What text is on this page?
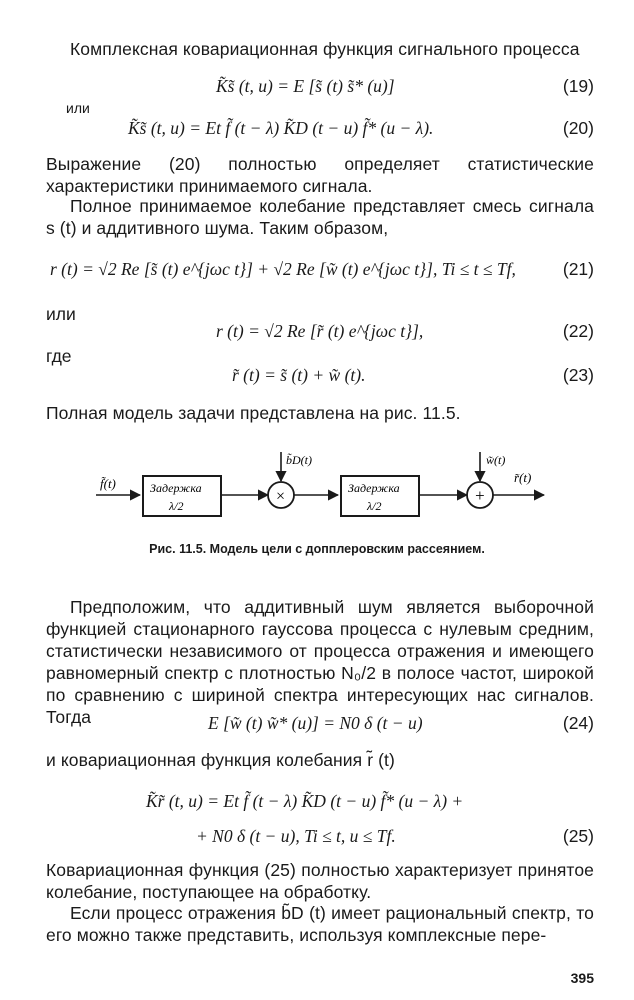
Комплексная ковариационная функция сигнального процесса
K͂s͂ (t, u) = E [s͂ (t) s͂* (u)]	(19)
или
K͂s͂ (t, u) = Et f͂ (t − λ) K͂D (t − u) f͂* (u − λ).	(20)
Выражение (20) полностью определяет статистические характеристики принимаемого сигнала.
Полное принимаемое колебание представляет смесь сигнала s (t) и аддитивного шума. Таким образом,
r (t) = √2 Re [s͂ (t) e^{jωc t}] + √2 Re [w͂ (t) e^{jωc t}], Ti ≤ t ≤ Tf,	(21)
или
r (t) = √2 Re [r͂ (t) e^{jωc t}],	(22)
где
r͂ (t) = s͂ (t) + w͂ (t).	(23)
Полная модель задачи представлена на рис. 11.5.
f͂(t)	Задержка
λ/2
×
b͂D(t)
Задержка
λ/2
+
w͂(t)
r͂(t)
Рис. 11.5. Модель цели с допплеровским рассеянием.
Предположим, что аддитивный шум является выборочной функцией стационарного гауссова процесса с нулевым средним, статистически независимого от процесса отражения и имеющего равномерный спектр с плотностью N₀/2 в полосе частот, широкой по сравнению с шириной спектра интересующих нас сигналов. Тогда	E [w͂ (t) w͂* (u)] = N0 δ (t − u)	(24)
и ковариационная функция колебания r͂ (t)
K͂r͂ (t, u) = Et f͂ (t − λ) K͂D (t − u) f͂* (u − λ) +
+ N0 δ (t − u), Ti ≤ t, u ≤ Tf.	(25)
Ковариационная функция (25) полностью характеризует принятое колебание, поступающее на обработку.
Если процесс отражения b͂D (t) имеет рациональный спектр, то его можно также представить, используя комплексные пере-
395
